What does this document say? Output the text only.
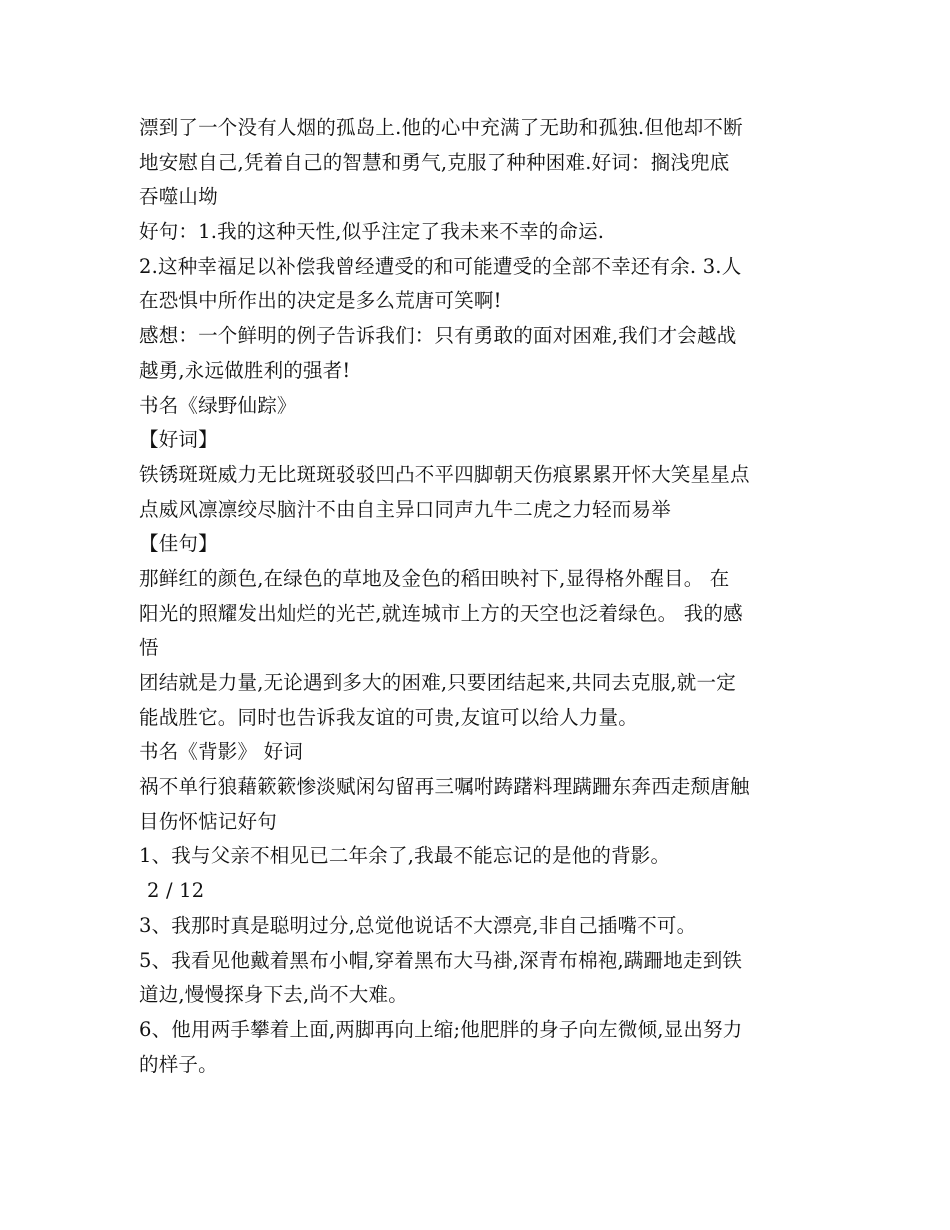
漂到了一个没有人烟的孤岛上.他的心中充满了无助和孤独.但他却不断
地安慰自己,凭着自己的智慧和勇气,克服了种种困难.好词：搁浅兜底
吞噬山坳
好句：1.我的这种天性,似乎注定了我未来不幸的命运.
2.这种幸福足以补偿我曾经遭受的和可能遭受的全部不幸还有余. 3.人
在恐惧中所作出的决定是多么荒唐可笑啊!
感想：一个鲜明的例子告诉我们：只有勇敢的面对困难,我们才会越战
越勇,永远做胜利的强者!
书名《绿野仙踪》
【好词】
铁锈斑斑威力无比斑斑驳驳凹凸不平四脚朝天伤痕累累开怀大笑星星点
点威风凛凛绞尽脑汁不由自主异口同声九牛二虎之力轻而易举
【佳句】
那鲜红的颜色,在绿色的草地及金色的稻田映衬下,显得格外醒目。 在
阳光的照耀发出灿烂的光芒,就连城市上方的天空也泛着绿色。 我的感
悟
团结就是力量,无论遇到多大的困难,只要团结起来,共同去克服,就一定
能战胜它。同时也告诉我友谊的可贵,友谊可以给人力量。
书名《背影》 好词
祸不单行狼藉簌簌惨淡赋闲勾留再三嘱咐踌躇料理蹒跚东奔西走颓唐触
目伤怀惦记好句
1、我与父亲不相见已二年余了,我最不能忘记的是他的背影。
2 / 12
3、我那时真是聪明过分,总觉他说话不大漂亮,非自己插嘴不可。
5、我看见他戴着黑布小帽,穿着黑布大马褂,深青布棉袍,蹒跚地走到铁
道边,慢慢探身下去,尚不大难。
6、他用两手攀着上面,两脚再向上缩;他肥胖的身子向左微倾,显出努力
的样子。
